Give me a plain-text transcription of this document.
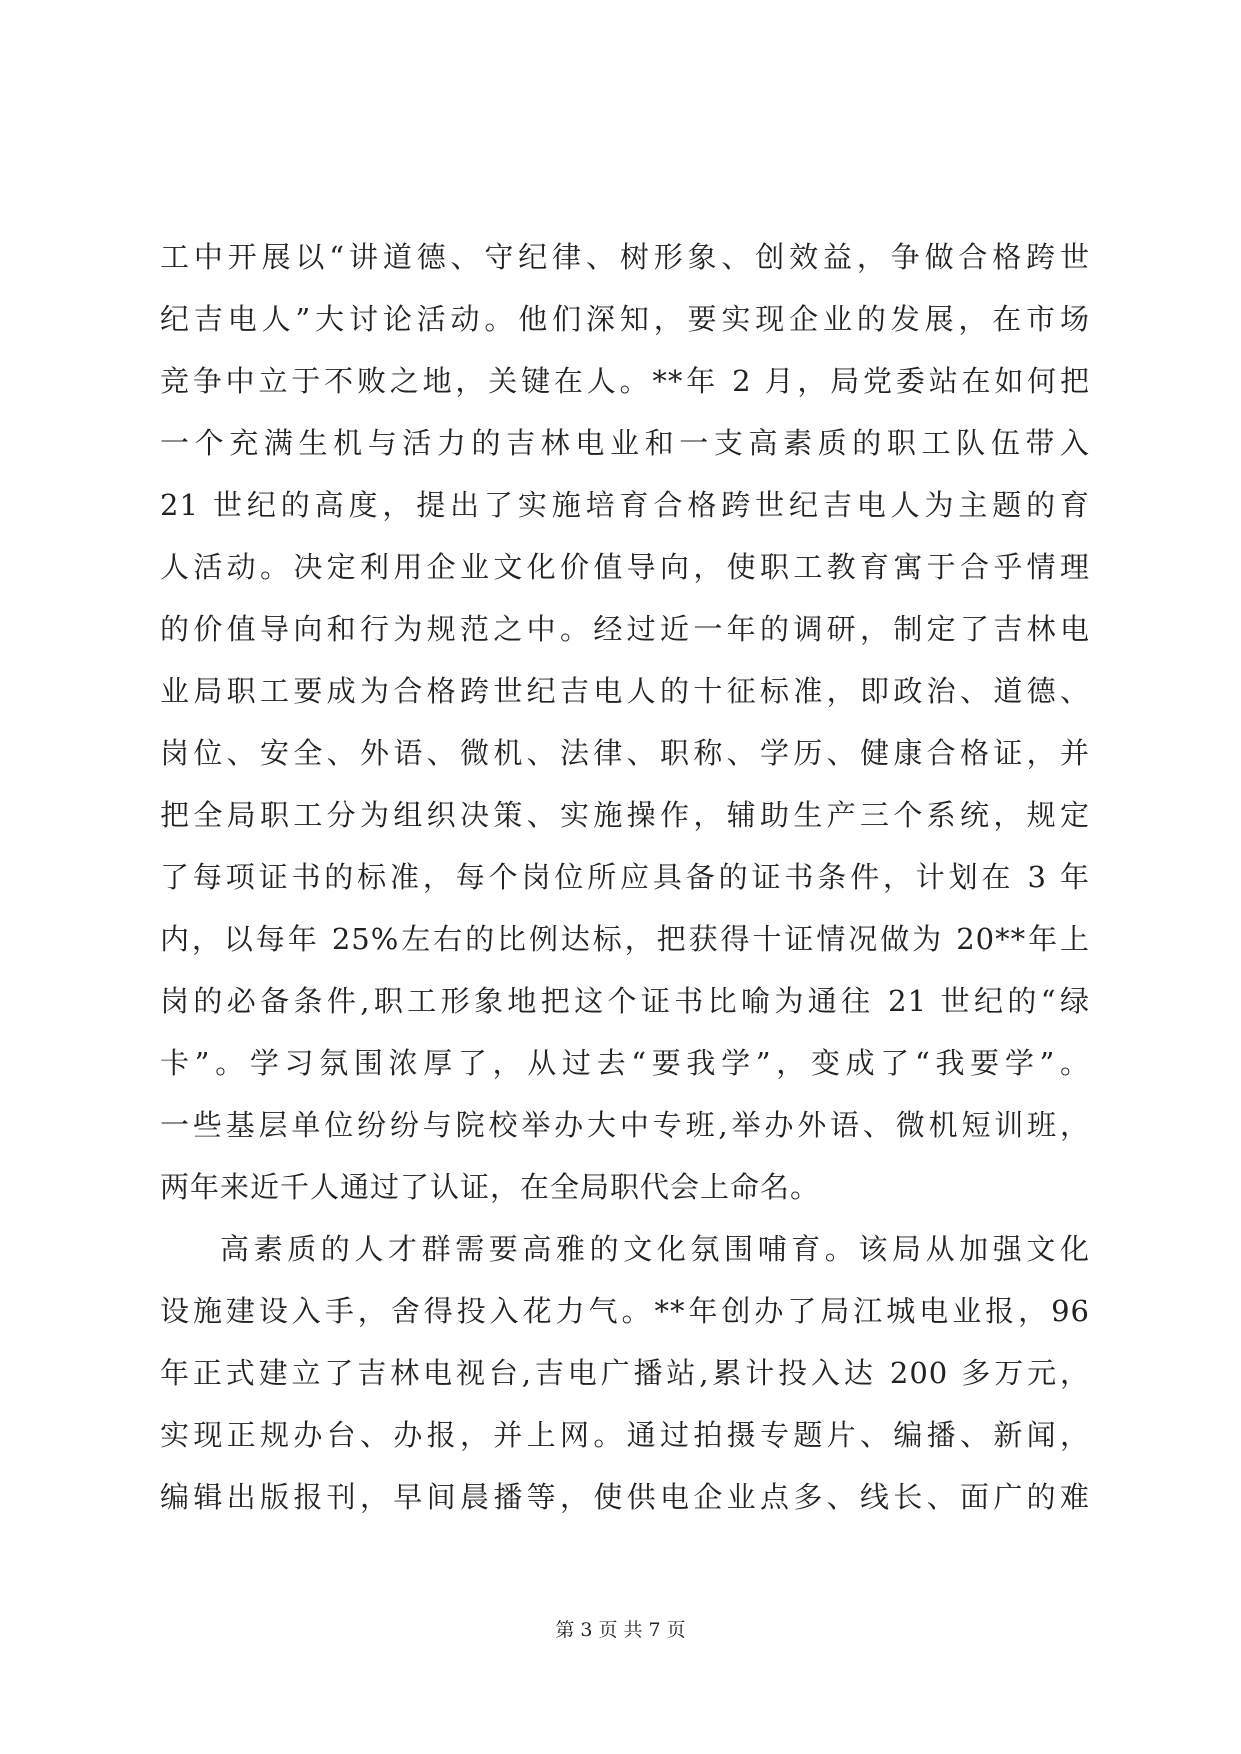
工中开展以“讲道德、守纪律、树形象、创效益，争做合格跨世
纪吉电人”大讨论活动。他们深知，要实现企业的发展，在市场
竞争中立于不败之地，关键在人。**年 2 月，局党委站在如何把
一个充满生机与活力的吉林电业和一支高素质的职工队伍带入
21 世纪的高度，提出了实施培育合格跨世纪吉电人为主题的育
人活动。决定利用企业文化价值导向，使职工教育寓于合乎情理
的价值导向和行为规范之中。经过近一年的调研，制定了吉林电
业局职工要成为合格跨世纪吉电人的十征标准，即政治、道德、
岗位、安全、外语、微机、法律、职称、学历、健康合格证，并
把全局职工分为组织决策、实施操作，辅助生产三个系统，规定
了每项证书的标准，每个岗位所应具备的证书条件，计划在 3 年
内，以每年 25%左右的比例达标，把获得十证情况做为 20**年上
岗的必备条件,职工形象地把这个证书比喻为通往 21 世纪的“绿
卡”。学习氛围浓厚了，从过去“要我学”，变成了“我要学”。
一些基层单位纷纷与院校举办大中专班,举办外语、微机短训班，
两年来近千人通过了认证，在全局职代会上命名。
高素质的人才群需要高雅的文化氛围哺育。该局从加强文化
设施建设入手，舍得投入花力气。**年创办了局江城电业报，96
年正式建立了吉林电视台,吉电广播站,累计投入达 200 多万元，
实现正规办台、办报，并上网。通过拍摄专题片、编播、新闻，
编辑出版报刊，早间晨播等，使供电企业点多、线长、面广的难
第 3 页 共 7 页
